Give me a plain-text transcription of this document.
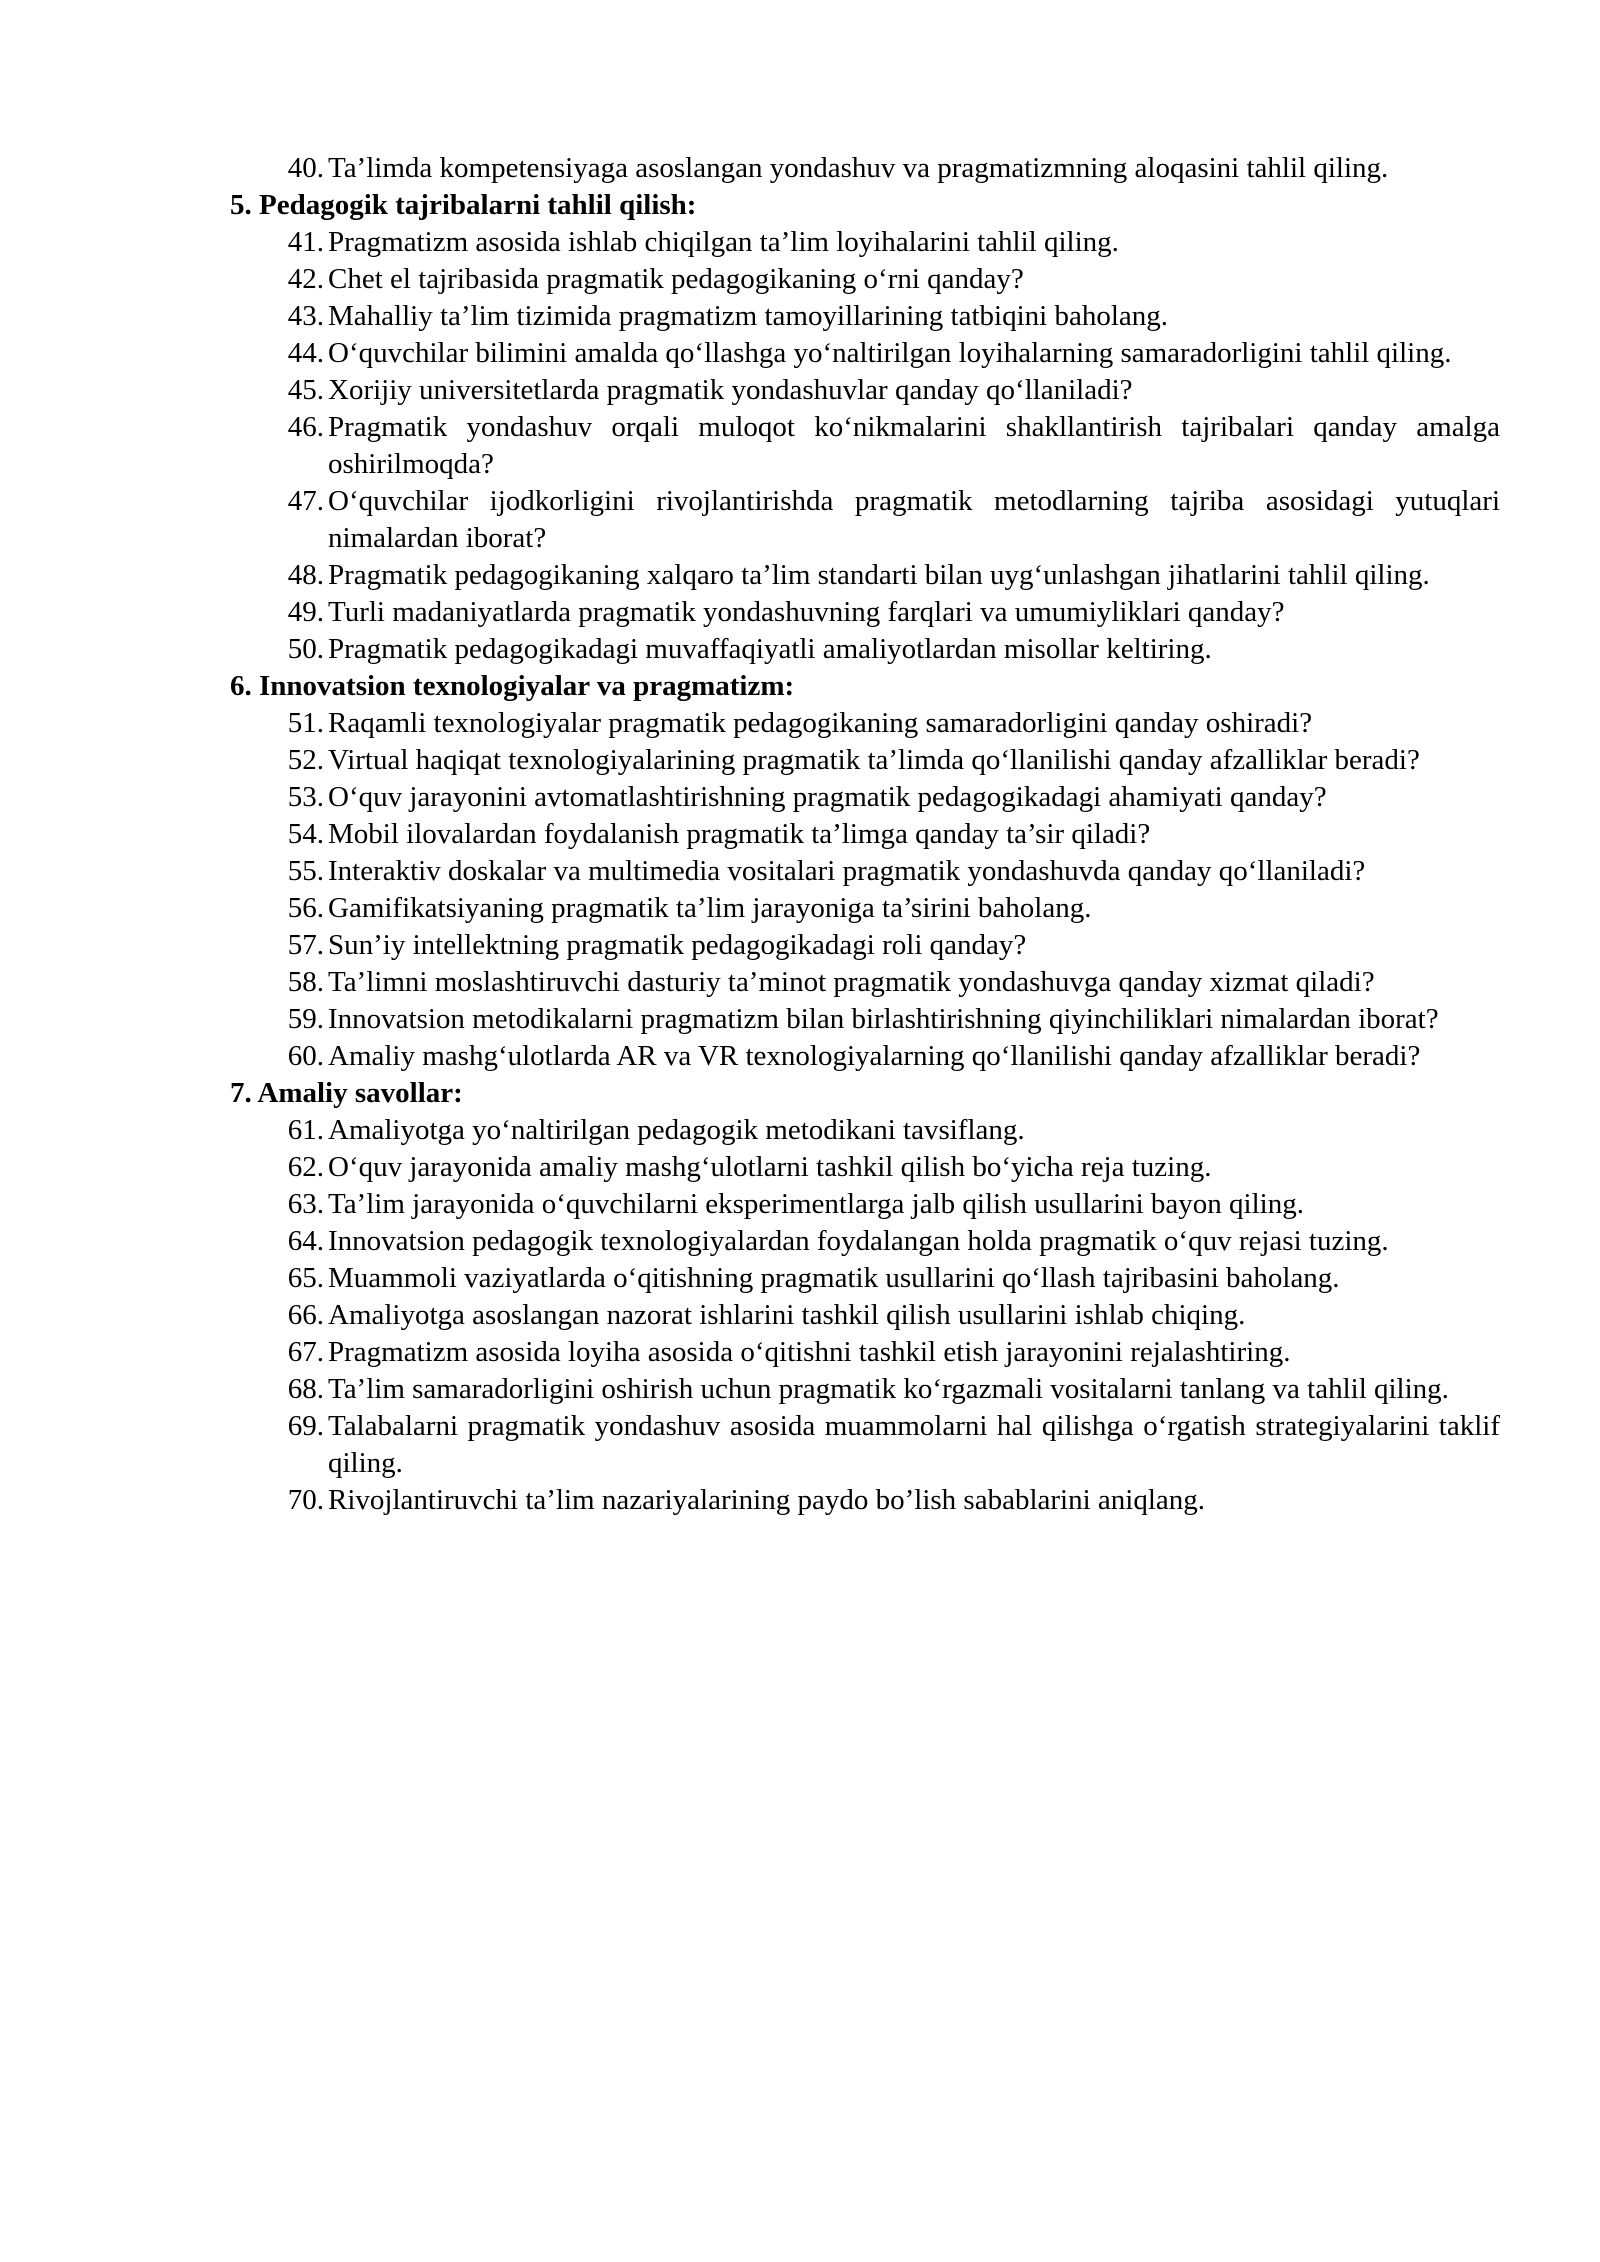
40. Ta’limda kompetensiyaga asoslangan yondashuv va pragmatizmning aloqasini tahlil qiling.
5. Pedagogik tajribalarni tahlil qilish:
41. Pragmatizm asosida ishlab chiqilgan ta’lim loyihalarini tahlil qiling.
42. Chet el tajribasida pragmatik pedagogikaning o‘rni qanday?
43. Mahalliy ta’lim tizimida pragmatizm tamoyillarining tatbiqini baholang.
44. O‘quvchilar bilimini amalda qo‘llashga yo‘naltirilgan loyihalarning samaradorligini tahlil qiling.
45. Xorijiy universitetlarda pragmatik yondashuvlar qanday qo‘llaniladi?
46. Pragmatik yondashuv orqali muloqot ko‘nikmalarini shakllantirish tajribalari qanday amalga oshirilmoqda?
47. O‘quvchilar ijodkorligini rivojlantirishda pragmatik metodlarning tajriba asosidagi yutuqlari nimalardan iborat?
48. Pragmatik pedagogikaning xalqaro ta’lim standarti bilan uyg‘unlashgan jihatlarini tahlil qiling.
49. Turli madaniyatlarda pragmatik yondashuvning farqlari va umumiyliklari qanday?
50. Pragmatik pedagogikadagi muvaffaqiyatli amaliyotlardan misollar keltiring.
6. Innovatsion texnologiyalar va pragmatizm:
51. Raqamli texnologiyalar pragmatik pedagogikaning samaradorligini qanday oshiradi?
52. Virtual haqiqat texnologiyalarining pragmatik ta’limda qo‘llanilishi qanday afzalliklar beradi?
53. O‘quv jarayonini avtomatlashtirishning pragmatik pedagogikadagi ahamiyati qanday?
54. Mobil ilovalardan foydalanish pragmatik ta’limga qanday ta’sir qiladi?
55. Interaktiv doskalar va multimedia vositalari pragmatik yondashuvda qanday qo‘llaniladi?
56. Gamifikatsiyaning pragmatik ta’lim jarayoniga ta’sirini baholang.
57. Sun’iy intellektning pragmatik pedagogikadagi roli qanday?
58. Ta’limni moslashtiruvchi dasturiy ta’minot pragmatik yondashuvga qanday xizmat qiladi?
59. Innovatsion metodikalarni pragmatizm bilan birlashtirishning qiyinchiliklari nimalardan iborat?
60. Amaliy mashg‘ulotlarda AR va VR texnologiyalarning qo‘llanilishi qanday afzalliklar beradi?
7. Amaliy savollar:
61. Amaliyotga yo‘naltirilgan pedagogik metodikani tavsiflang.
62. O‘quv jarayonida amaliy mashg‘ulotlarni tashkil qilish bo‘yicha reja tuzing.
63. Ta’lim jarayonida o‘quvchilarni eksperimentlarga jalb qilish usullarini bayon qiling.
64. Innovatsion pedagogik texnologiyalardan foydalangan holda pragmatik o‘quv rejasi tuzing.
65. Muammoli vaziyatlarda o‘qitishning pragmatik usullarini qo‘llash tajribasini baholang.
66. Amaliyotga asoslangan nazorat ishlarini tashkil qilish usullarini ishlab chiqing.
67. Pragmatizm asosida loyiha asosida o‘qitishni tashkil etish jarayonini rejalashtiring.
68. Ta’lim samaradorligini oshirish uchun pragmatik ko‘rgazmali vositalarni tanlang va tahlil qiling.
69. Talabalarni pragmatik yondashuv asosida muammolarni hal qilishga o‘rgatish strategiyalarini taklif qiling.
70. Rivojlantiruvchi ta’lim nazariyalarining paydo bo’lish sabablarini aniqlang.
